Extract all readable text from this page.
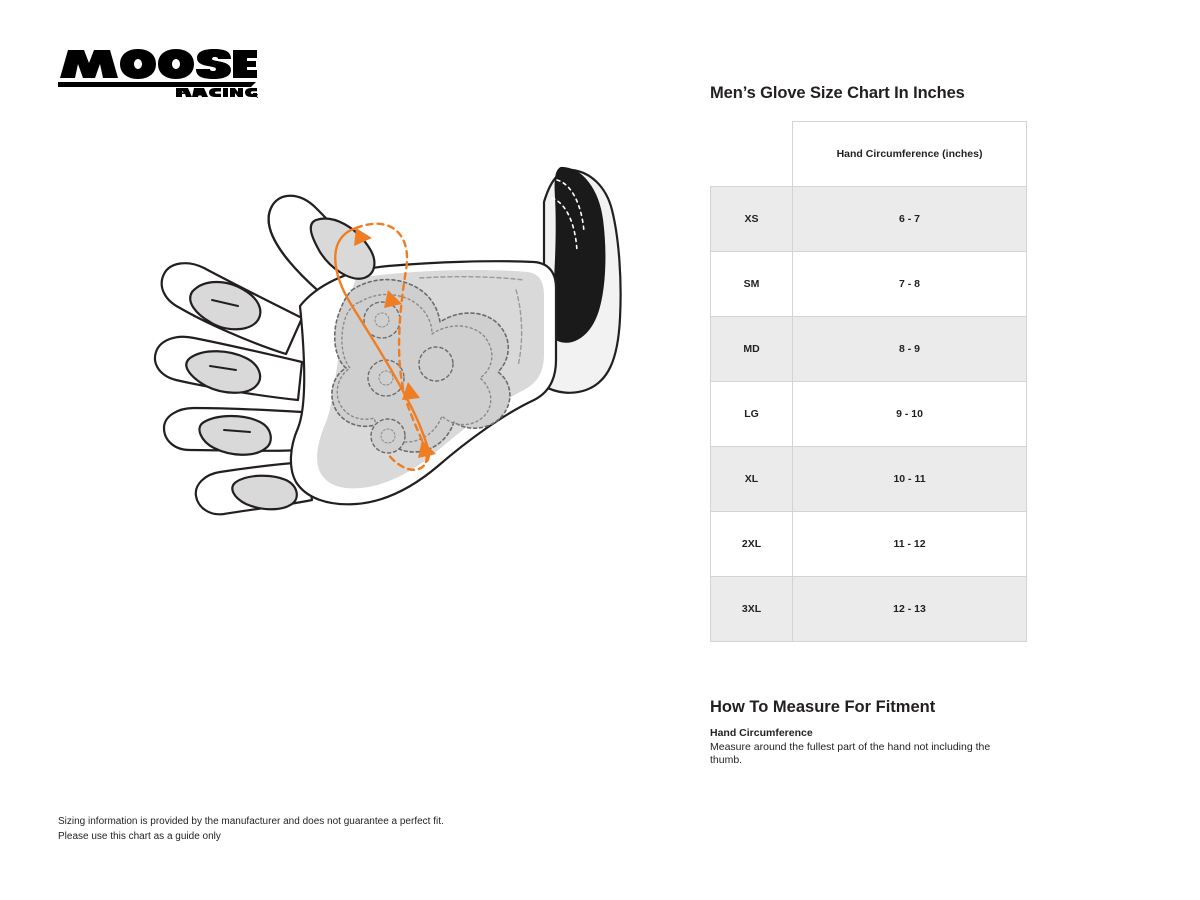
Men’s Glove Size Chart In Inches
	Hand Circumference (inches)
XS	6 - 7
SM	7 - 8
MD	8 - 9
LG	9 - 10
XL	10 - 11
2XL	11 - 12
3XL	12 - 13
How To Measure For Fitment

Hand Circumference

Measure around the fullest part of the hand not including the thumb.

Sizing information is provided by the manufacturer and does not guarantee a perfect fit.
Please use this chart as a guide only
